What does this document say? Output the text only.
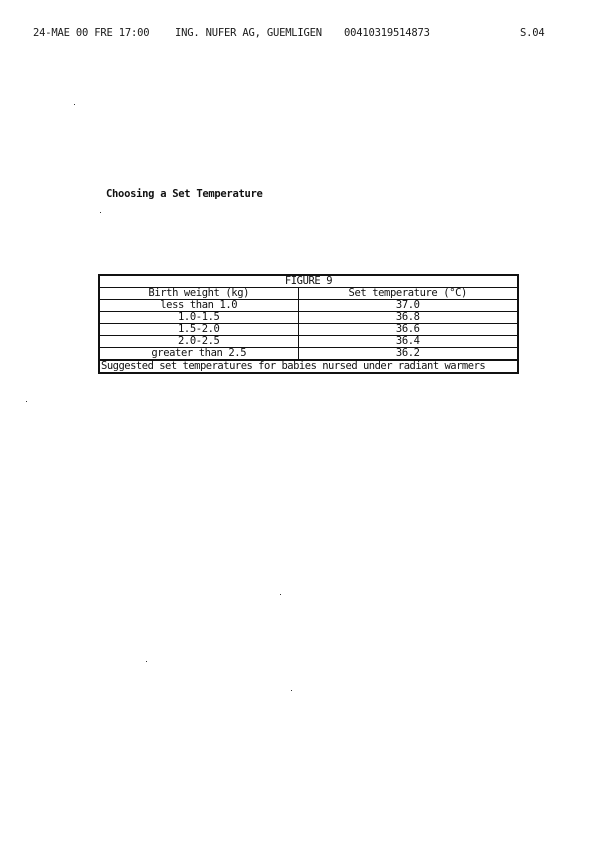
24-MAE 00 FRE 17:00 ING. NUFER AG, GUEMLIGEN 00410319514873	S.04
Choosing a Set Temperature
FIGURE 9	
Birth weight (kg)	Set temperature (°C)
less than 1.0	37.0
1.0-1.5	36.8
1.5-2.0	36.6
2.0-2.5	36.4
greater than 2.5	36.2
Suggested set temperatures for babies nursed under radiant warmers	
